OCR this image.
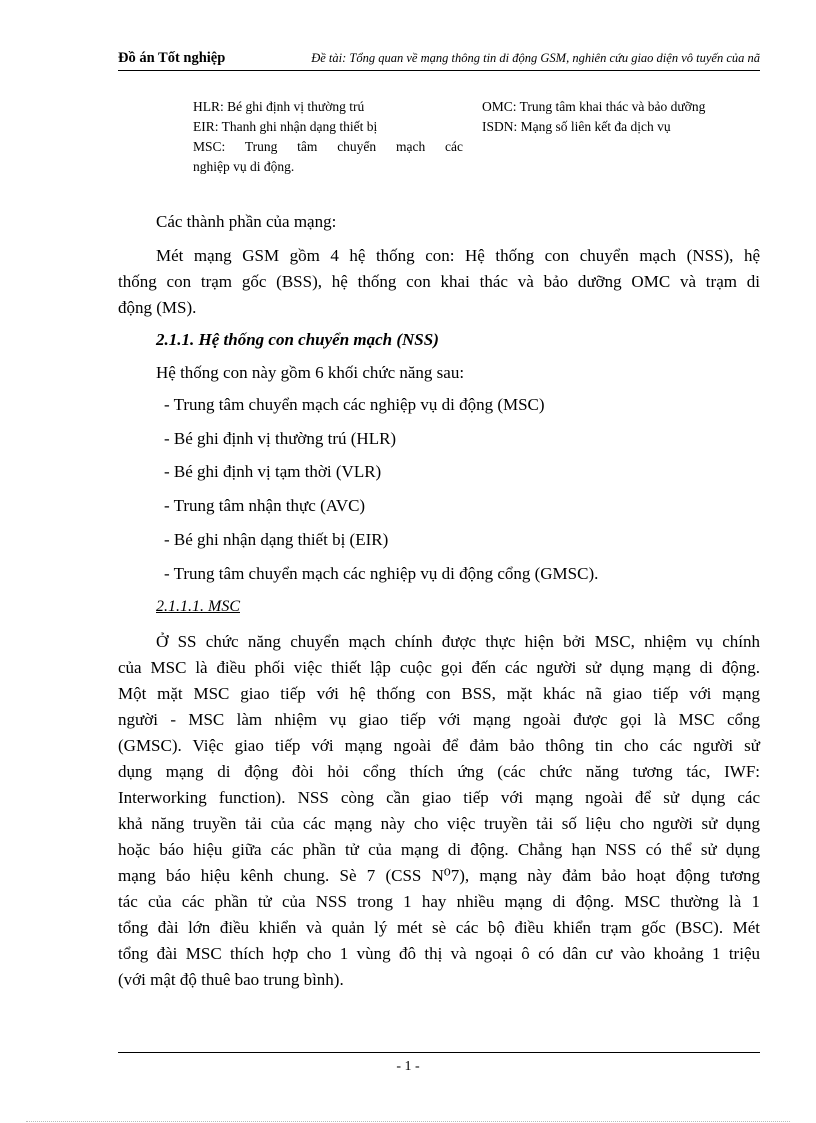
Đồ án Tốt nghiệp	Đề tài: Tổng quan về mạng thông tin di động GSM, nghiên cứu giao diện vô tuyến của nã
HLR: Bé ghi định vị thường trú
EIR: Thanh ghi nhận dạng thiết bị
MSC: Trung tâm chuyển mạch các
nghiệp vụ di động.
OMC: Trung tâm khai thác và bảo dưỡng
ISDN: Mạng số liên kết đa dịch vụ
Các thành phần của mạng:
Mét mạng GSM gồm 4 hệ thống con: Hệ thống con chuyển mạch (NSS), hệ
thống con trạm gốc (BSS), hệ thống con khai thác và bảo dưỡng OMC và trạm di
động (MS).
2.1.1. Hệ thống con chuyển mạch (NSS)
Hệ thống con này gồm 6 khối chức năng sau:
- Trung tâm chuyển mạch các nghiệp vụ di động (MSC)
- Bé ghi định vị thường trú (HLR)
- Bé ghi định vị tạm thời (VLR)
- Trung tâm nhận thực (AVC)
- Bé ghi nhận dạng thiết bị (EIR)
- Trung tâm chuyển mạch các nghiệp vụ di động cổng (GMSC).
2.1.1.1. MSC
Ở SS chức năng chuyển mạch chính được thực hiện bởi MSC, nhiệm vụ chính
của MSC là điều phối việc thiết lập cuộc gọi đến các người sử dụng mạng di động.
Một mặt MSC giao tiếp với hệ thống con BSS, mặt khác nã giao tiếp với mạng
người - MSC làm nhiệm vụ giao tiếp với mạng ngoài được gọi là MSC cổng
(GMSC). Việc giao tiếp với mạng ngoài để đảm bảo thông tin cho các người sử
dụng mạng di động đòi hỏi cổng thích ứng (các chức năng tương tác, IWF:
Interworking function). NSS còng cần giao tiếp với mạng ngoài để sử dụng các
khả năng truyền tải của các mạng này cho việc truyền tải số liệu cho người sử dụng
hoặc báo hiệu giữa các phần tử của mạng di động. Chẳng hạn NSS có thể sử dụng
mạng báo hiệu kênh chung. Sè 7 (CSS N⁰7), mạng này đảm bảo hoạt động tương
tác của các phần tử của NSS trong 1 hay nhiều mạng di động. MSC thường là 1
tổng đài lớn điều khiển và quản lý mét sè các bộ điều khiển trạm gốc (BSC). Mét
tổng đài MSC thích hợp cho 1 vùng đô thị và ngoại ô có dân cư vào khoảng 1 triệu
(với mật độ thuê bao trung bình).
- 1 -
